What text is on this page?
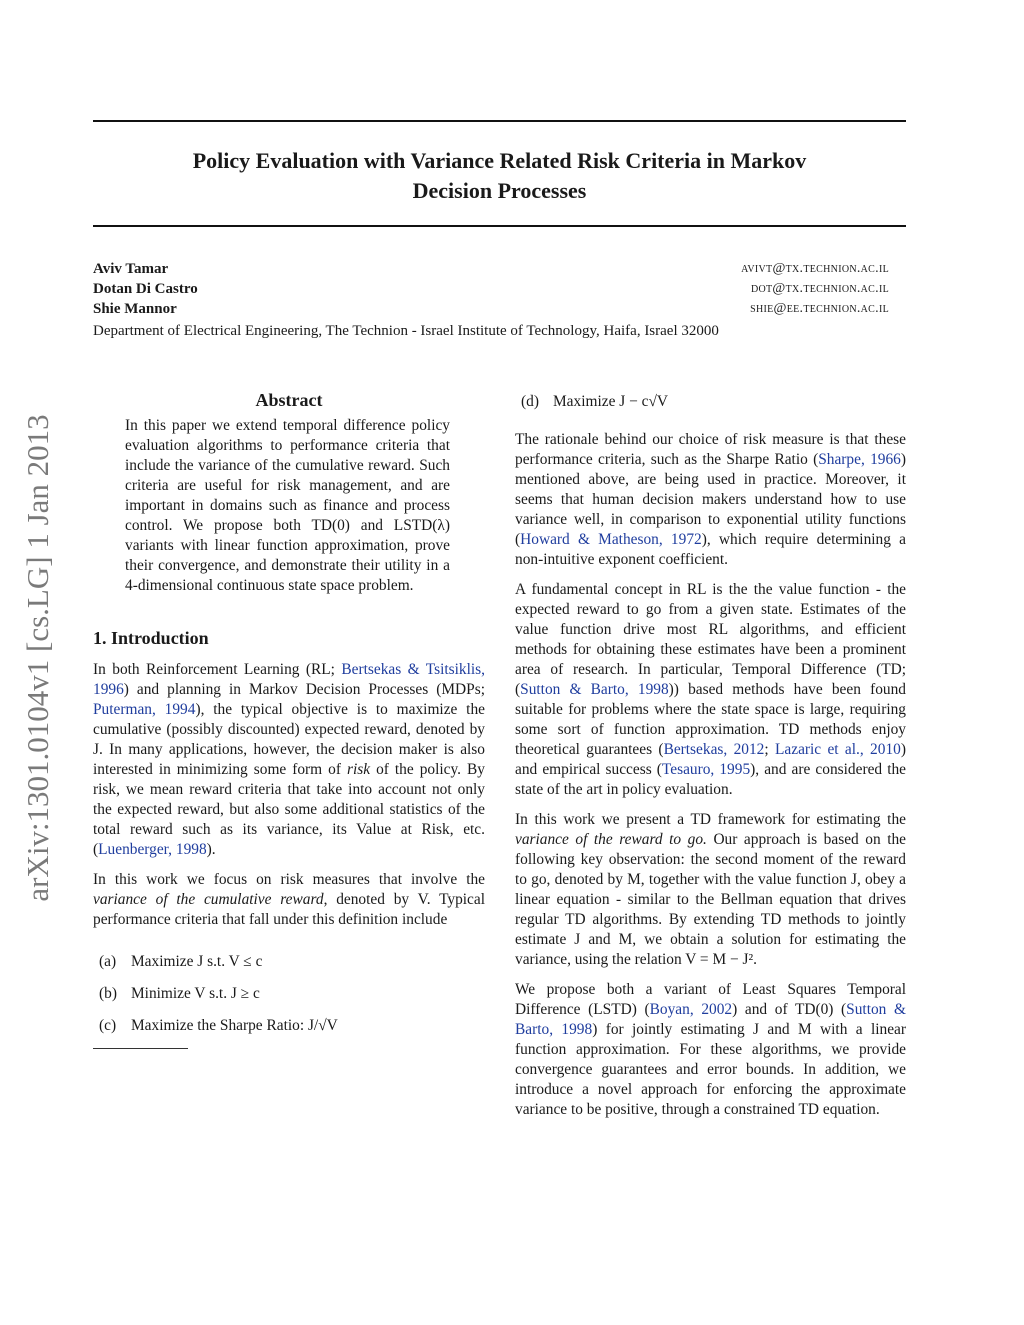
Policy Evaluation with Variance Related Risk Criteria in Markov
Decision Processes
Aviv Tamar	avivt@tx.technion.ac.il
Dotan Di Castro	dot@tx.technion.ac.il
Shie Mannor	shie@ee.technion.ac.il
Department of Electrical Engineering, The Technion - Israel Institute of Technology, Haifa, Israel 32000
arXiv:1301.0104v1 [cs.LG] 1 Jan 2013
Abstract
In this paper we extend temporal difference policy evaluation algorithms to performance criteria that include the variance of the cumulative reward. Such criteria are useful for risk management, and are important in domains such as finance and process control. We propose both TD(0) and LSTD(λ) variants with linear function approximation, prove their convergence, and demonstrate their utility in a 4-dimensional continuous state space problem.
1. Introduction

In both Reinforcement Learning (RL; Bertsekas & Tsitsiklis, 1996) and planning in Markov Decision Processes (MDPs; Puterman, 1994), the typical objective is to maximize the cumulative (possibly discounted) expected reward, denoted by J. In many applications, however, the decision maker is also interested in minimizing some form of risk of the policy. By risk, we mean reward criteria that take into account not only the expected reward, but also some additional statistics of the total reward such as its variance, its Value at Risk, etc. (Luenberger, 1998).

In this work we focus on risk measures that involve the variance of the cumulative reward, denoted by V. Typical performance criteria that fall under this definition include

(a) Maximize J s.t. V ≤ c
(b) Minimize V s.t. J ≥ c
(c) Maximize the Sharpe Ratio: J/√V
(d) Maximize J − c√V

The rationale behind our choice of risk measure is that these performance criteria, such as the Sharpe Ratio (Sharpe, 1966) mentioned above, are being used in practice. Moreover, it seems that human decision makers understand how to use variance well, in comparison to exponential utility functions (Howard & Matheson, 1972), which require determining a non-intuitive exponent coefficient.

A fundamental concept in RL is the the value function - the expected reward to go from a given state. Estimates of the value function drive most RL algorithms, and efficient methods for obtaining these estimates have been a prominent area of research. In particular, Temporal Difference (TD; (Sutton & Barto, 1998)) based methods have been found suitable for problems where the state space is large, requiring some sort of function approximation. TD methods enjoy theoretical guarantees (Bertsekas, 2012; Lazaric et al., 2010) and empirical success (Tesauro, 1995), and are considered the state of the art in policy evaluation.

In this work we present a TD framework for estimating the variance of the reward to go. Our approach is based on the following key observation: the second moment of the reward to go, denoted by M, together with the value function J, obey a linear equation - similar to the Bellman equation that drives regular TD algorithms. By extending TD methods to jointly estimate J and M, we obtain a solution for estimating the variance, using the relation V = M − J².

We propose both a variant of Least Squares Temporal Difference (LSTD) (Boyan, 2002) and of TD(0) (Sutton & Barto, 1998) for jointly estimating J and M with a linear function approximation. For these algorithms, we provide convergence guarantees and error bounds. In addition, we introduce a novel approach for enforcing the approximate variance to be positive, through a constrained TD equation.
